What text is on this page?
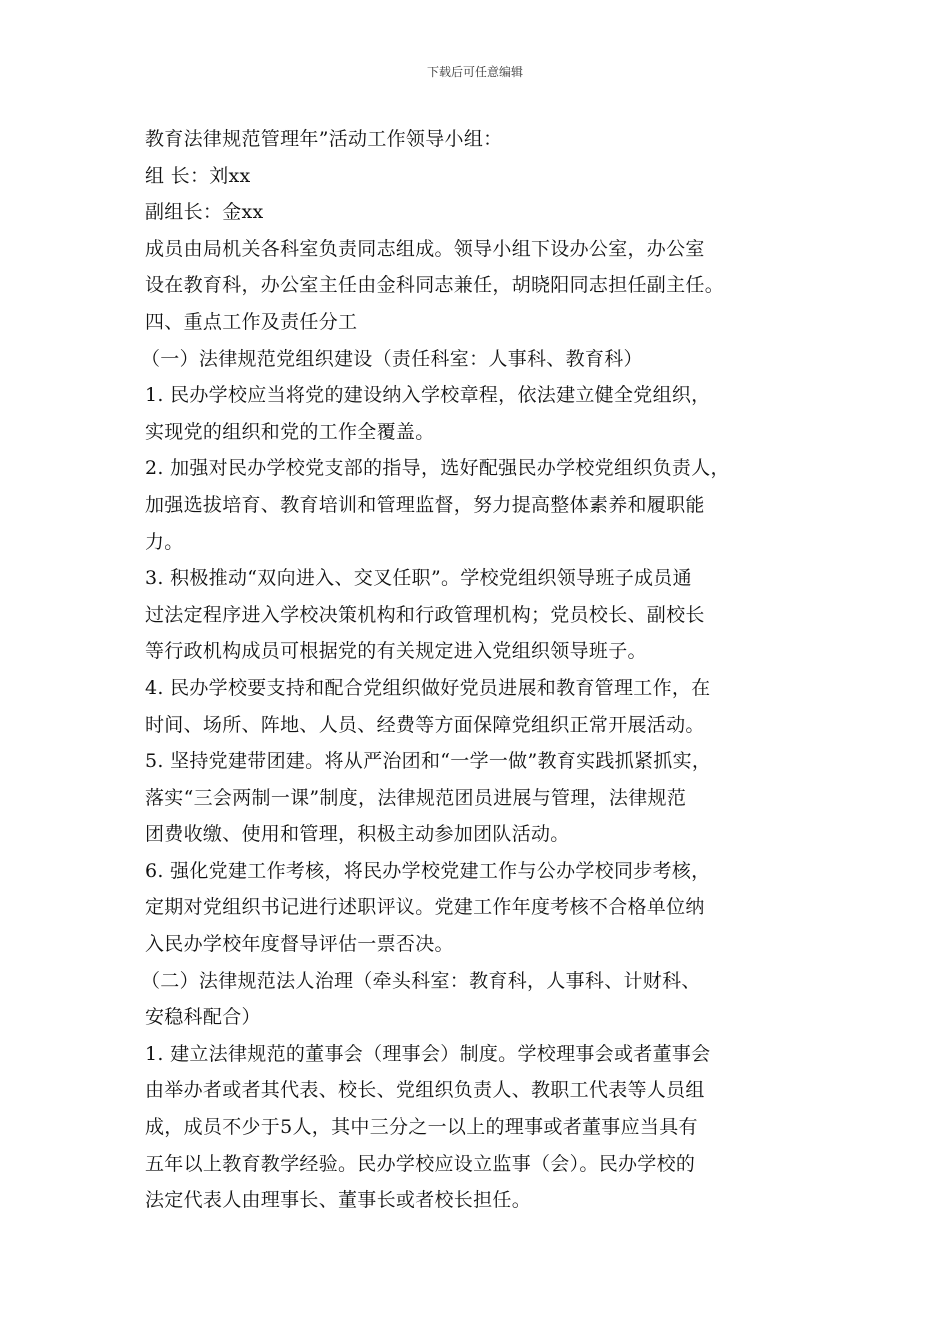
下载后可任意编辑
教育法律规范管理年”活动工作领导小组：
组 长：刘xx
副组长：金xx
成员由局机关各科室负责同志组成。领导小组下设办公室，办公室
设在教育科，办公室主任由金科同志兼任，胡晓阳同志担任副主任。
四、重点工作及责任分工
（一）法律规范党组织建设（责任科室：人事科、教育科）
1. 民办学校应当将党的建设纳入学校章程，依法建立健全党组织，
实现党的组织和党的工作全覆盖。
2. 加强对民办学校党支部的指导，选好配强民办学校党组织负责人，
加强选拔培育、教育培训和管理监督，努力提高整体素养和履职能
力。
3. 积极推动“双向进入、交叉任职”。学校党组织领导班子成员通
过法定程序进入学校决策机构和行政管理机构；党员校长、副校长
等行政机构成员可根据党的有关规定进入党组织领导班子。
4. 民办学校要支持和配合党组织做好党员进展和教育管理工作，在
时间、场所、阵地、人员、经费等方面保障党组织正常开展活动。
5. 坚持党建带团建。将从严治团和“一学一做”教育实践抓紧抓实，
落实“三会两制一课”制度，法律规范团员进展与管理，法律规范
团费收缴、使用和管理，积极主动参加团队活动。
6. 强化党建工作考核，将民办学校党建工作与公办学校同步考核，
定期对党组织书记进行述职评议。党建工作年度考核不合格单位纳
入民办学校年度督导评估一票否决。
（二）法律规范法人治理（牵头科室：教育科，人事科、计财科、
安稳科配合）
1. 建立法律规范的董事会（理事会）制度。学校理事会或者董事会
由举办者或者其代表、校长、党组织负责人、教职工代表等人员组
成，成员不少于5人，其中三分之一以上的理事或者董事应当具有
五年以上教育教学经验。民办学校应设立监事（会）。民办学校的
法定代表人由理事长、董事长或者校长担任。
